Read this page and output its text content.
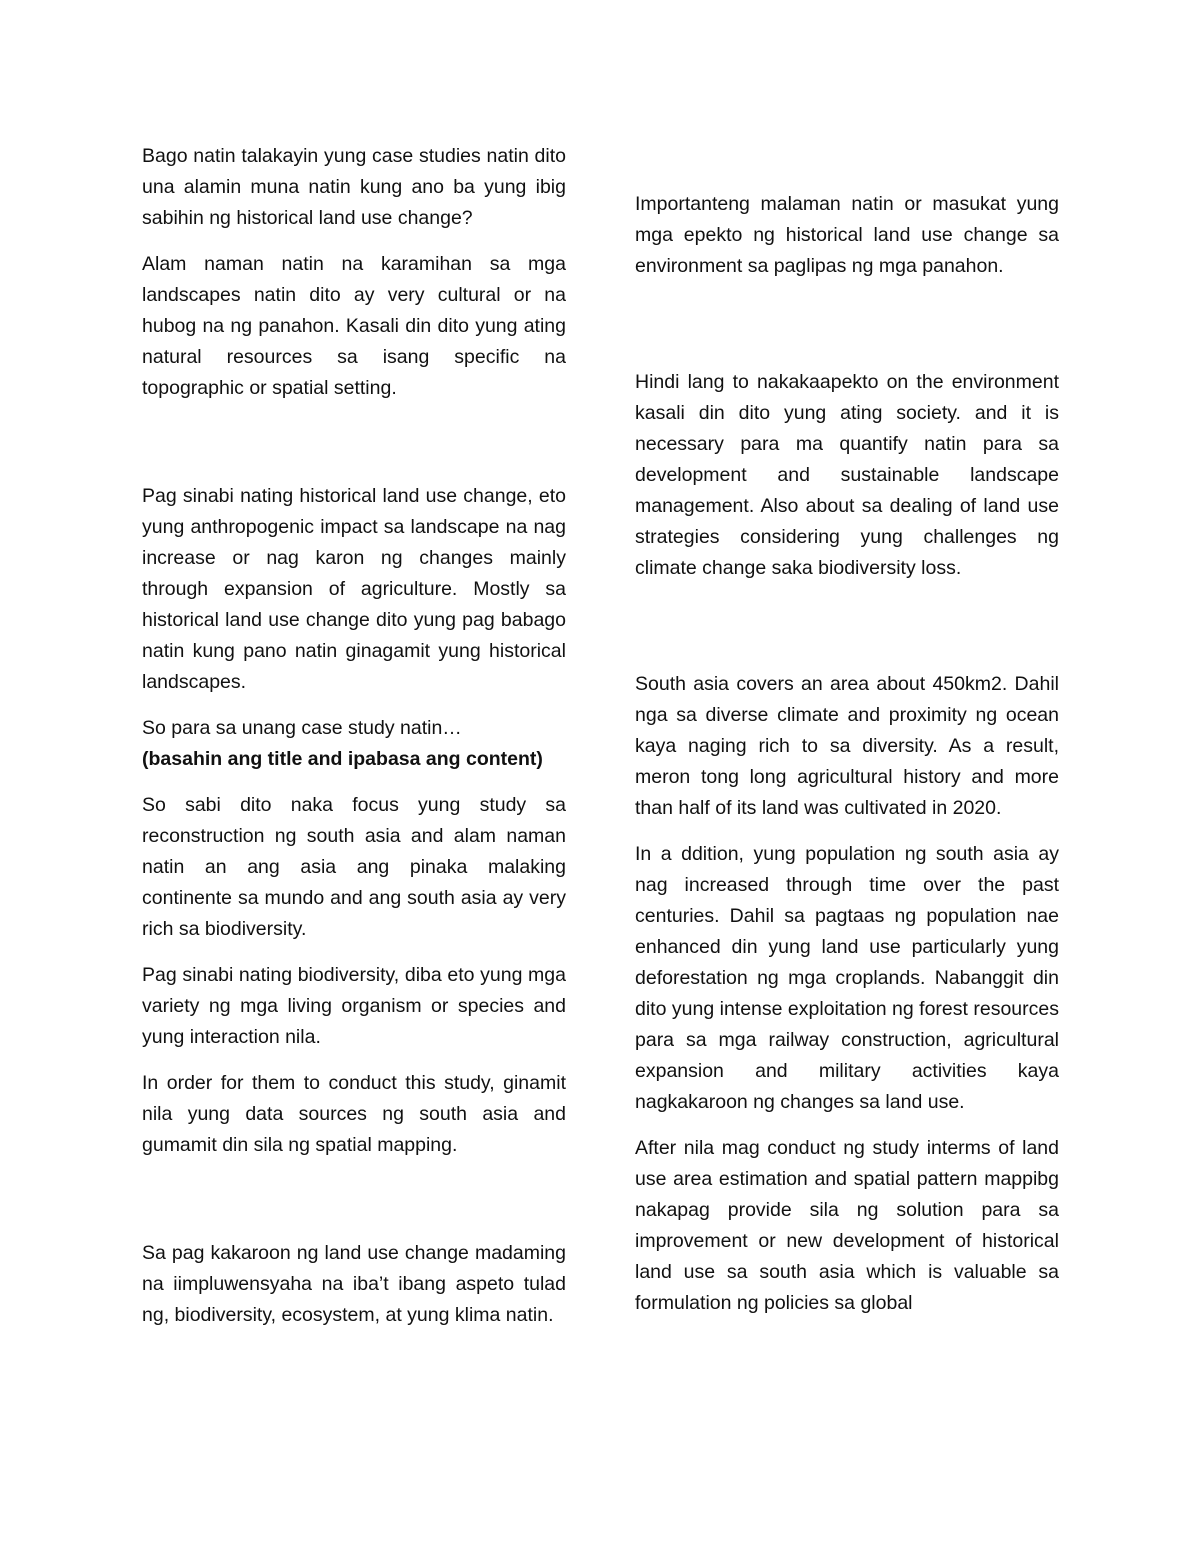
Bago natin talakayin yung case studies natin dito una alamin muna natin kung ano ba yung ibig sabihin ng historical land use change?

Alam naman natin na karamihan sa mga landscapes natin dito ay very cultural or na hubog na ng panahon. Kasali din dito yung ating natural resources sa isang specific na topographic or spatial setting.

Pag sinabi nating historical land use change, eto yung anthropogenic impact sa landscape na nag increase or nag karon ng changes mainly through expansion of agriculture. Mostly sa historical land use change dito yung pag babago natin kung pano natin ginagamit yung historical landscapes.

So para sa unang case study natin…
(basahin ang title and ipabasa ang content)

So sabi dito naka focus yung study sa reconstruction ng south asia and alam naman natin an ang asia ang pinaka malaking continente sa mundo and ang south asia ay very rich sa biodiversity.

Pag sinabi nating biodiversity, diba eto yung mga variety ng mga living organism or species and yung interaction nila.

In order for them to conduct this study, ginamit nila yung data sources ng south asia and gumamit din sila ng spatial mapping.

Sa pag kakaroon ng land use change madaming na iimpluwensyaha na iba’t ibang aspeto tulad ng, biodiversity, ecosystem, at yung klima natin.

Importanteng malaman natin or masukat yung mga epekto ng historical land use change sa environment sa paglipas ng mga panahon.

Hindi lang to nakakaapekto on the environment kasali din dito yung ating society. and it is necessary para ma quantify natin para sa development and sustainable landscape management. Also about sa dealing of land use strategies considering yung challenges ng climate change saka biodiversity loss.

South asia covers an area about 450km2. Dahil nga sa diverse climate and proximity ng ocean kaya naging rich to sa diversity. As a result, meron tong long agricultural history and more than half of its land was cultivated in 2020.

In a ddition, yung population ng south asia ay nag increased through time over the past centuries. Dahil sa pagtaas ng population nae enhanced din yung land use particularly yung deforestation ng mga croplands. Nabanggit din dito yung intense exploitation ng forest resources para sa mga railway construction, agricultural expansion and military activities kaya nagkakaroon ng changes sa land use.

After nila mag conduct ng study interms of land use area estimation and spatial pattern mappibg nakapag provide sila ng solution para sa improvement or new development of historical land use sa south asia which is valuable sa formulation ng policies sa global
